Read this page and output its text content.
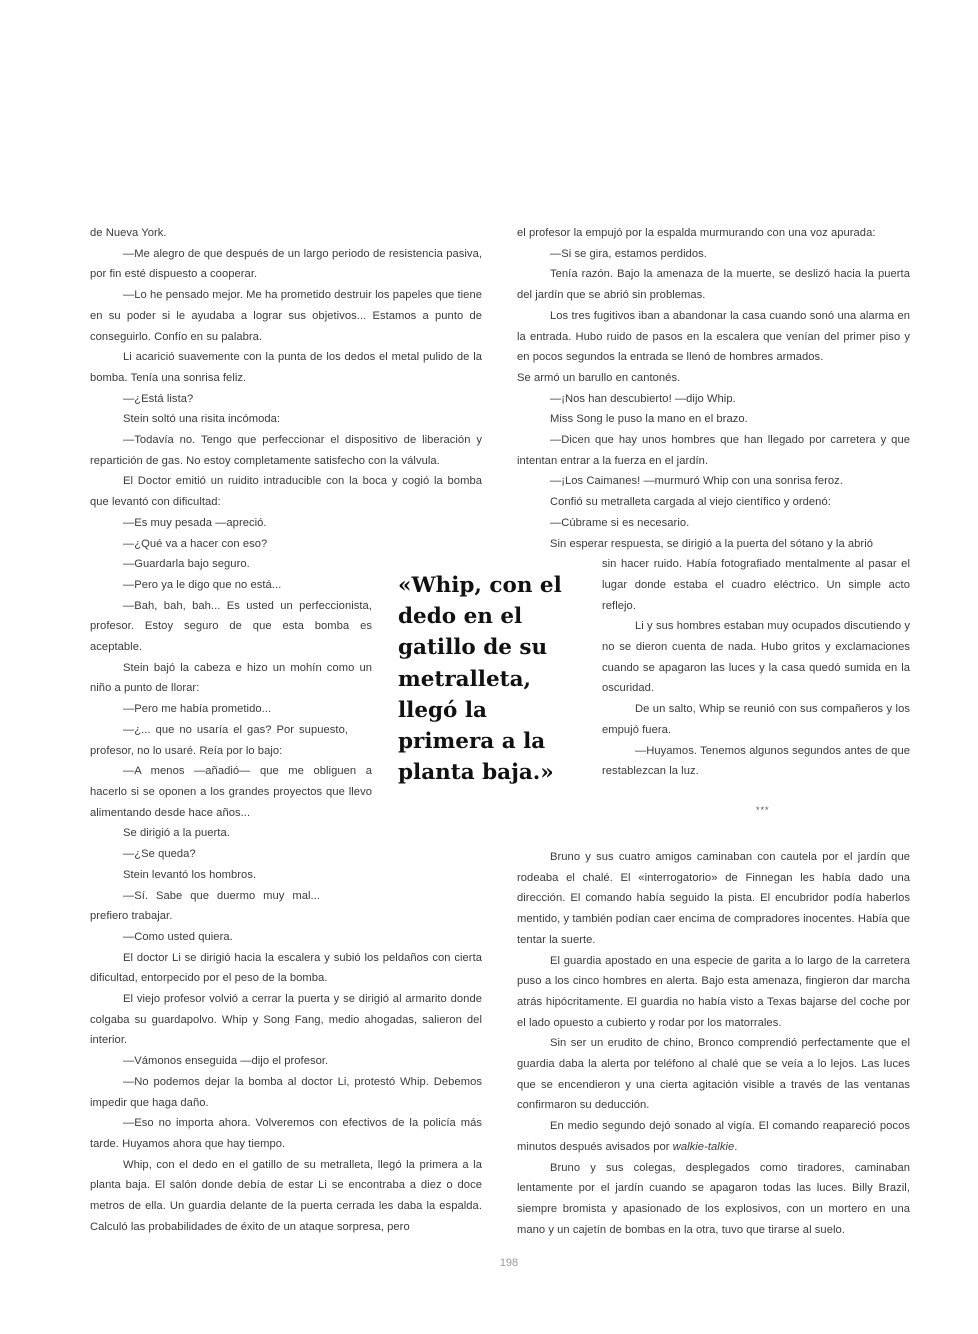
de Nueva York.

—Me alegro de que después de un largo periodo de resistencia pasiva, por fin esté dispuesto a cooperar.

—Lo he pensado mejor. Me ha prometido destruir los papeles que tiene en su poder si le ayudaba a lograr sus objetivos... Estamos a punto de conseguirlo. Confío en su palabra.

Li acarició suavemente con la punta de los dedos el metal pulido de la bomba. Tenía una sonrisa feliz.

—¿Está lista?

Stein soltó una risita incómoda:

—Todavía no. Tengo que perfeccionar el dispositivo de liberación y repartición de gas. No estoy completamente satisfecho con la válvula.

El Doctor emitió un ruidito intraducible con la boca y cogió la bomba que levantó con dificultad:

—Es muy pesada —apreció.

—¿Qué va a hacer con eso?

—Guardarla bajo seguro.

—Pero ya le digo que no está...

—Bah, bah, bah... Es usted un perfeccionista, profesor. Estoy seguro de que esta bomba es aceptable.

Stein bajó la cabeza e hizo un mohín como un niño a punto de llorar:

—Pero me había prometido...

—¿... que no usaría el gas? Por supuesto, profesor, no lo usaré. Reía por lo bajo:

—A menos —añadió— que me obliguen a hacerlo si se oponen a los grandes proyectos que llevo alimentando desde hace años...

Se dirigió a la puerta.

—¿Se queda?

Stein levantó los hombros.

—Sí. Sabe que duermo muy mal... prefiero trabajar.

—Como usted quiera.

El doctor Li se dirigió hacia la escalera y subió los peldaños con cierta dificultad, entorpecido por el peso de la bomba.

El viejo profesor volvió a cerrar la puerta y se dirigió al armarito donde colgaba su guardapolvo. Whip y Song Fang, medio ahogadas, salieron del interior.

—Vámonos enseguida —dijo el profesor.

—No podemos dejar la bomba al doctor Li, protestó Whip. Debemos impedir que haga daño.

—Eso no importa ahora. Volveremos con efectivos de la policía más tarde. Huyamos ahora que hay tiempo.

Whip, con el dedo en el gatillo de su metralleta, llegó la primera a la planta baja. El salón donde debía de estar Li se encontraba a diez o doce metros de ella. Un guardia delante de la puerta cerrada les daba la espalda. Calculó las probabilidades de éxito de un ataque sorpresa, pero

el profesor la empujó por la espalda murmurando con una voz apurada:

—Si se gira, estamos perdidos.

Tenía razón. Bajo la amenaza de la muerte, se deslizó hacia la puerta del jardín que se abrió sin problemas.

Los tres fugitivos iban a abandonar la casa cuando sonó una alarma en la entrada. Hubo ruido de pasos en la escalera que venían del primer piso y en pocos segundos la entrada se llenó de hombres armados.

Se armó un barullo en cantonés.

—¡Nos han descubierto! —dijo Whip.

Miss Song le puso la mano en el brazo.

—Dicen que hay unos hombres que han llegado por carretera y que intentan entrar a la fuerza en el jardín.

—¡Los Caimanes! —murmuró Whip con una sonrisa feroz.

Confió su metralleta cargada al viejo científico y ordenó:

—Cúbrame si es necesario.

Sin esperar respuesta, se dirigió a la puerta del sótano y la abrió

sin hacer ruido. Había fotografiado mentalmente al pasar el lugar donde estaba el cuadro eléctrico. Un simple acto reflejo.

Li y sus hombres estaban muy ocupados discutiendo y no se dieron cuenta de nada. Hubo gritos y exclamaciones cuando se apagaron las luces y la casa quedó sumida en la oscuridad.

De un salto, Whip se reunió con sus compañeros y los empujó fuera.

—Huyamos. Tenemos algunos segundos antes de que restablezcan la luz.

«Whip, con el dedo en el gatillo de su metralleta, llegó la primera a la planta baja.»

***

Bruno y sus cuatro amigos caminaban con cautela por el jardín que rodeaba el chalé. El «interrogatorio» de Finnegan les había dado una dirección. El comando había seguido la pista. El encubridor podía haberlos mentido, y también podían caer encima de compradores inocentes. Había que tentar la suerte.

El guardia apostado en una especie de garita a lo largo de la carretera puso a los cinco hombres en alerta. Bajo esta amenaza, fingieron dar marcha atrás hipócritamente. El guardia no había visto a Texas bajarse del coche por el lado opuesto a cubierto y rodar por los matorrales.

Sin ser un erudito de chino, Bronco comprendió perfectamente que el guardia daba la alerta por teléfono al chalé que se veía a lo lejos. Las luces que se encendieron y una cierta agitación visible a través de las ventanas confirmaron su deducción.

En medio segundo dejó sonado al vigía. El comando reapareció pocos minutos después avisados por walkie-talkie.

Bruno y sus colegas, desplegados como tiradores, caminaban lentamente por el jardín cuando se apagaron todas las luces. Billy Brazil, siempre bromista y apasionado de los explosivos, con un mortero en una mano y un cajetín de bombas en la otra, tuvo que tirarse al suelo.

198
